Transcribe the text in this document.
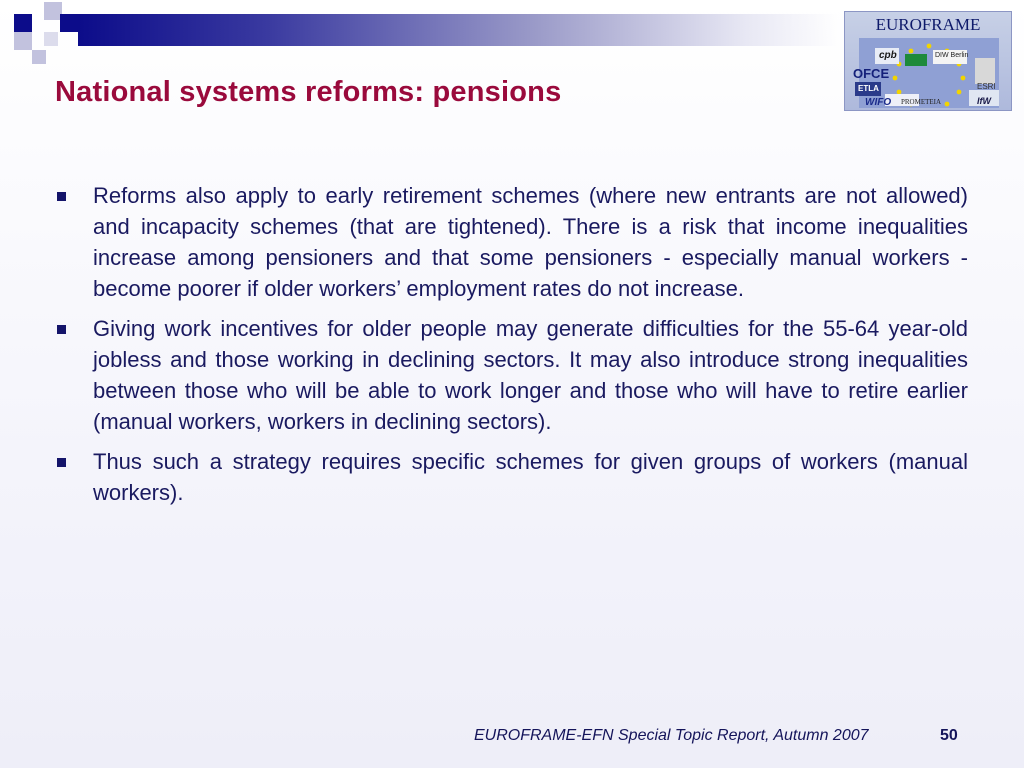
National systems reforms: pensions
EUROFRAME
cpb	DIW Berlin
OFCE
ETLA	ESRI
WIFO PROMETEIA	IfW
Reforms also apply to early retirement schemes (where new entrants are not allowed) and incapacity schemes (that are tightened). There is a risk that income inequalities increase among pensioners and that some pensioners - especially manual workers - become poorer if older workers’ employment rates do not increase.
Giving work incentives for older people may generate difficulties for the 55-64 year-old jobless and those working in declining sectors. It may also introduce strong inequalities between those who will be able to work longer and those who will have to retire earlier (manual workers, workers in declining sectors).
Thus such a strategy requires specific schemes for given groups of workers (manual workers).
EUROFRAME-EFN Special Topic Report, Autumn 2007	50
